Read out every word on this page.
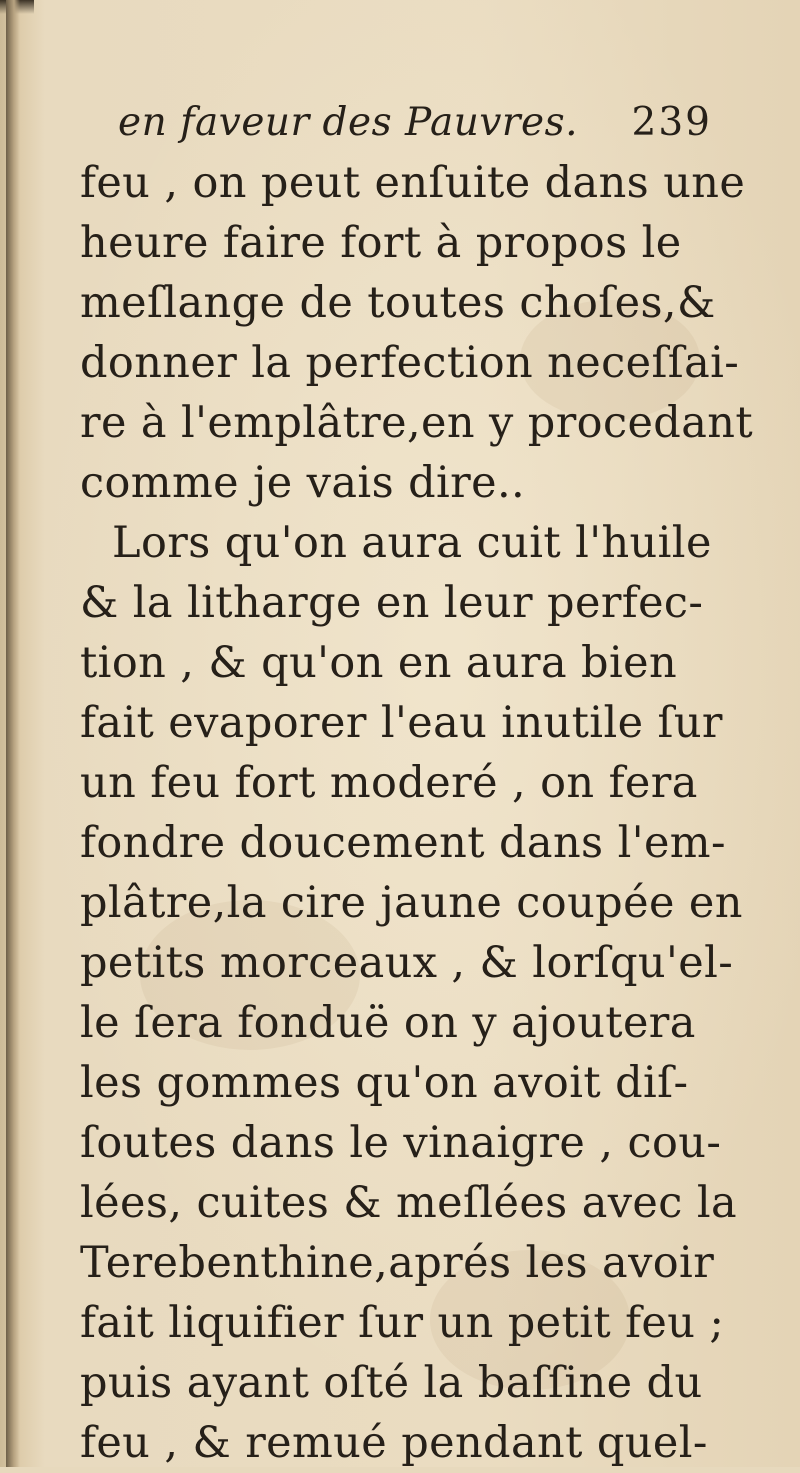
en faveur des Pauvres. 239
feu , on peut enſuite dans une
heure faire fort à propos le
meſlange de toutes choſes,&
donner la perfection neceſſai-
re à l'emplâtre,en y procedant
comme je vais dire..
Lors qu'on aura cuit l'huile
& la litharge en leur perfec-
tion , & qu'on en aura bien
fait evaporer l'eau inutile ſur
un feu fort moderé , on fera
fondre doucement dans l'em-
plâtre,la cire jaune coupée en
petits morceaux , & lorſqu'el-
le ſera fonduë on y ajoutera
les gommes qu'on avoit diſ-
ſoutes dans le vinaigre , cou-
lées, cuites & meſlées avec la
Terebenthine,aprés les avoir
fait liquifier ſur un petit feu ;
puis ayant oſté la baſſine du
feu , & remué pendant quel-
